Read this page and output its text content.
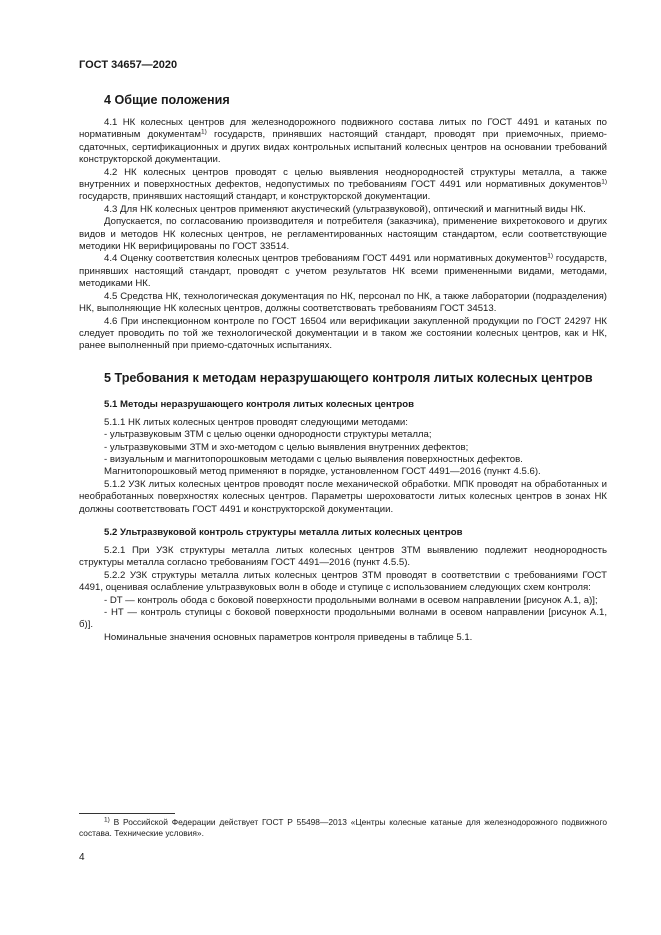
ГОСТ 34657—2020
4 Общие положения

4.1 НК колесных центров для железнодорожного подвижного состава литых по ГОСТ 4491 и катаных по нормативным документам$^{1)}$ государств, принявших настоящий стандарт, проводят при приемочных, приемо-сдаточных, сертификационных и других видах контрольных испытаний колесных центров на основании требований конструкторской документации.

4.2 НК колесных центров проводят с целью выявления неоднородностей структуры металла, а также внутренних и поверхностных дефектов, недопустимых по требованиям ГОСТ 4491 или нормативных документов$^{1)}$ государств, принявших настоящий стандарт, и конструкторской документации.

4.3 Для НК колесных центров применяют акустический (ультразвуковой), оптический и магнитный виды НК.

Допускается, по согласованию производителя и потребителя (заказчика), применение вихретокового и других видов и методов НК колесных центров, не регламентированных настоящим стандартом, если соответствующие методики НК верифицированы по ГОСТ 33514.

4.4 Оценку соответствия колесных центров требованиям ГОСТ 4491 или нормативных документов$^{1)}$ государств, принявших настоящий стандарт, проводят с учетом результатов НК всеми примененными видами, методами, методиками НК.

4.5 Средства НК, технологическая документация по НК, персонал по НК, а также лаборатории (подразделения) НК, выполняющие НК колесных центров, должны соответствовать требованиям ГОСТ 34513.

4.6 При инспекционном контроле по ГОСТ 16504 или верификации закупленной продукции по ГОСТ 24297 НК следует проводить по той же технологической документации и в таком же состоянии колесных центров, как и НК, ранее выполненный при приемо-сдаточных испытаниях.

5 Требования к методам неразрушающего контроля литых колесных центров
5.1 Методы неразрушающего контроля литых колесных центров

5.1.1 НК литых колесных центров проводят следующими методами:

- ультразвуковым ЗТМ с целью оценки однородности структуры металла;

- ультразвуковыми ЗТМ и эхо-методом с целью выявления внутренних дефектов;

- визуальным и магнитопорошковым методами с целью выявления поверхностных дефектов.

Магнитопорошковый метод применяют в порядке, установленном ГОСТ 4491—2016 (пункт 4.5.6).

5.1.2 УЗК литых колесных центров проводят после механической обработки. МПК проводят на обработанных и необработанных поверхностях колесных центров. Параметры шероховатости литых колесных центров в зонах НК должны соответствовать ГОСТ 4491 и конструкторской документации.

5.2 Ультразвуковой контроль структуры металла литых колесных центров

5.2.1 При УЗК структуры металла литых колесных центров ЗТМ выявлению подлежит неоднородность структуры металла согласно требованиям ГОСТ 4491—2016 (пункт 4.5.5).

5.2.2 УЗК структуры металла литых колесных центров ЗТМ проводят в соответствии с требованиями ГОСТ 4491, оценивая ослабление ультразвуковых волн в ободе и ступице с использованием следующих схем контроля:

- DT — контроль обода с боковой поверхности продольными волнами в осевом направлении [рисунок А.1, а)];

- HT — контроль ступицы с боковой поверхности продольными волнами в осевом направлении [рисунок А.1, б)].

Номинальные значения основных параметров контроля приведены в таблице 5.1.

$^{1)}$ В Российской Федерации действует ГОСТ Р 55498—2013 «Центры колесные катаные для железнодорожного подвижного состава. Технические условия».

4
